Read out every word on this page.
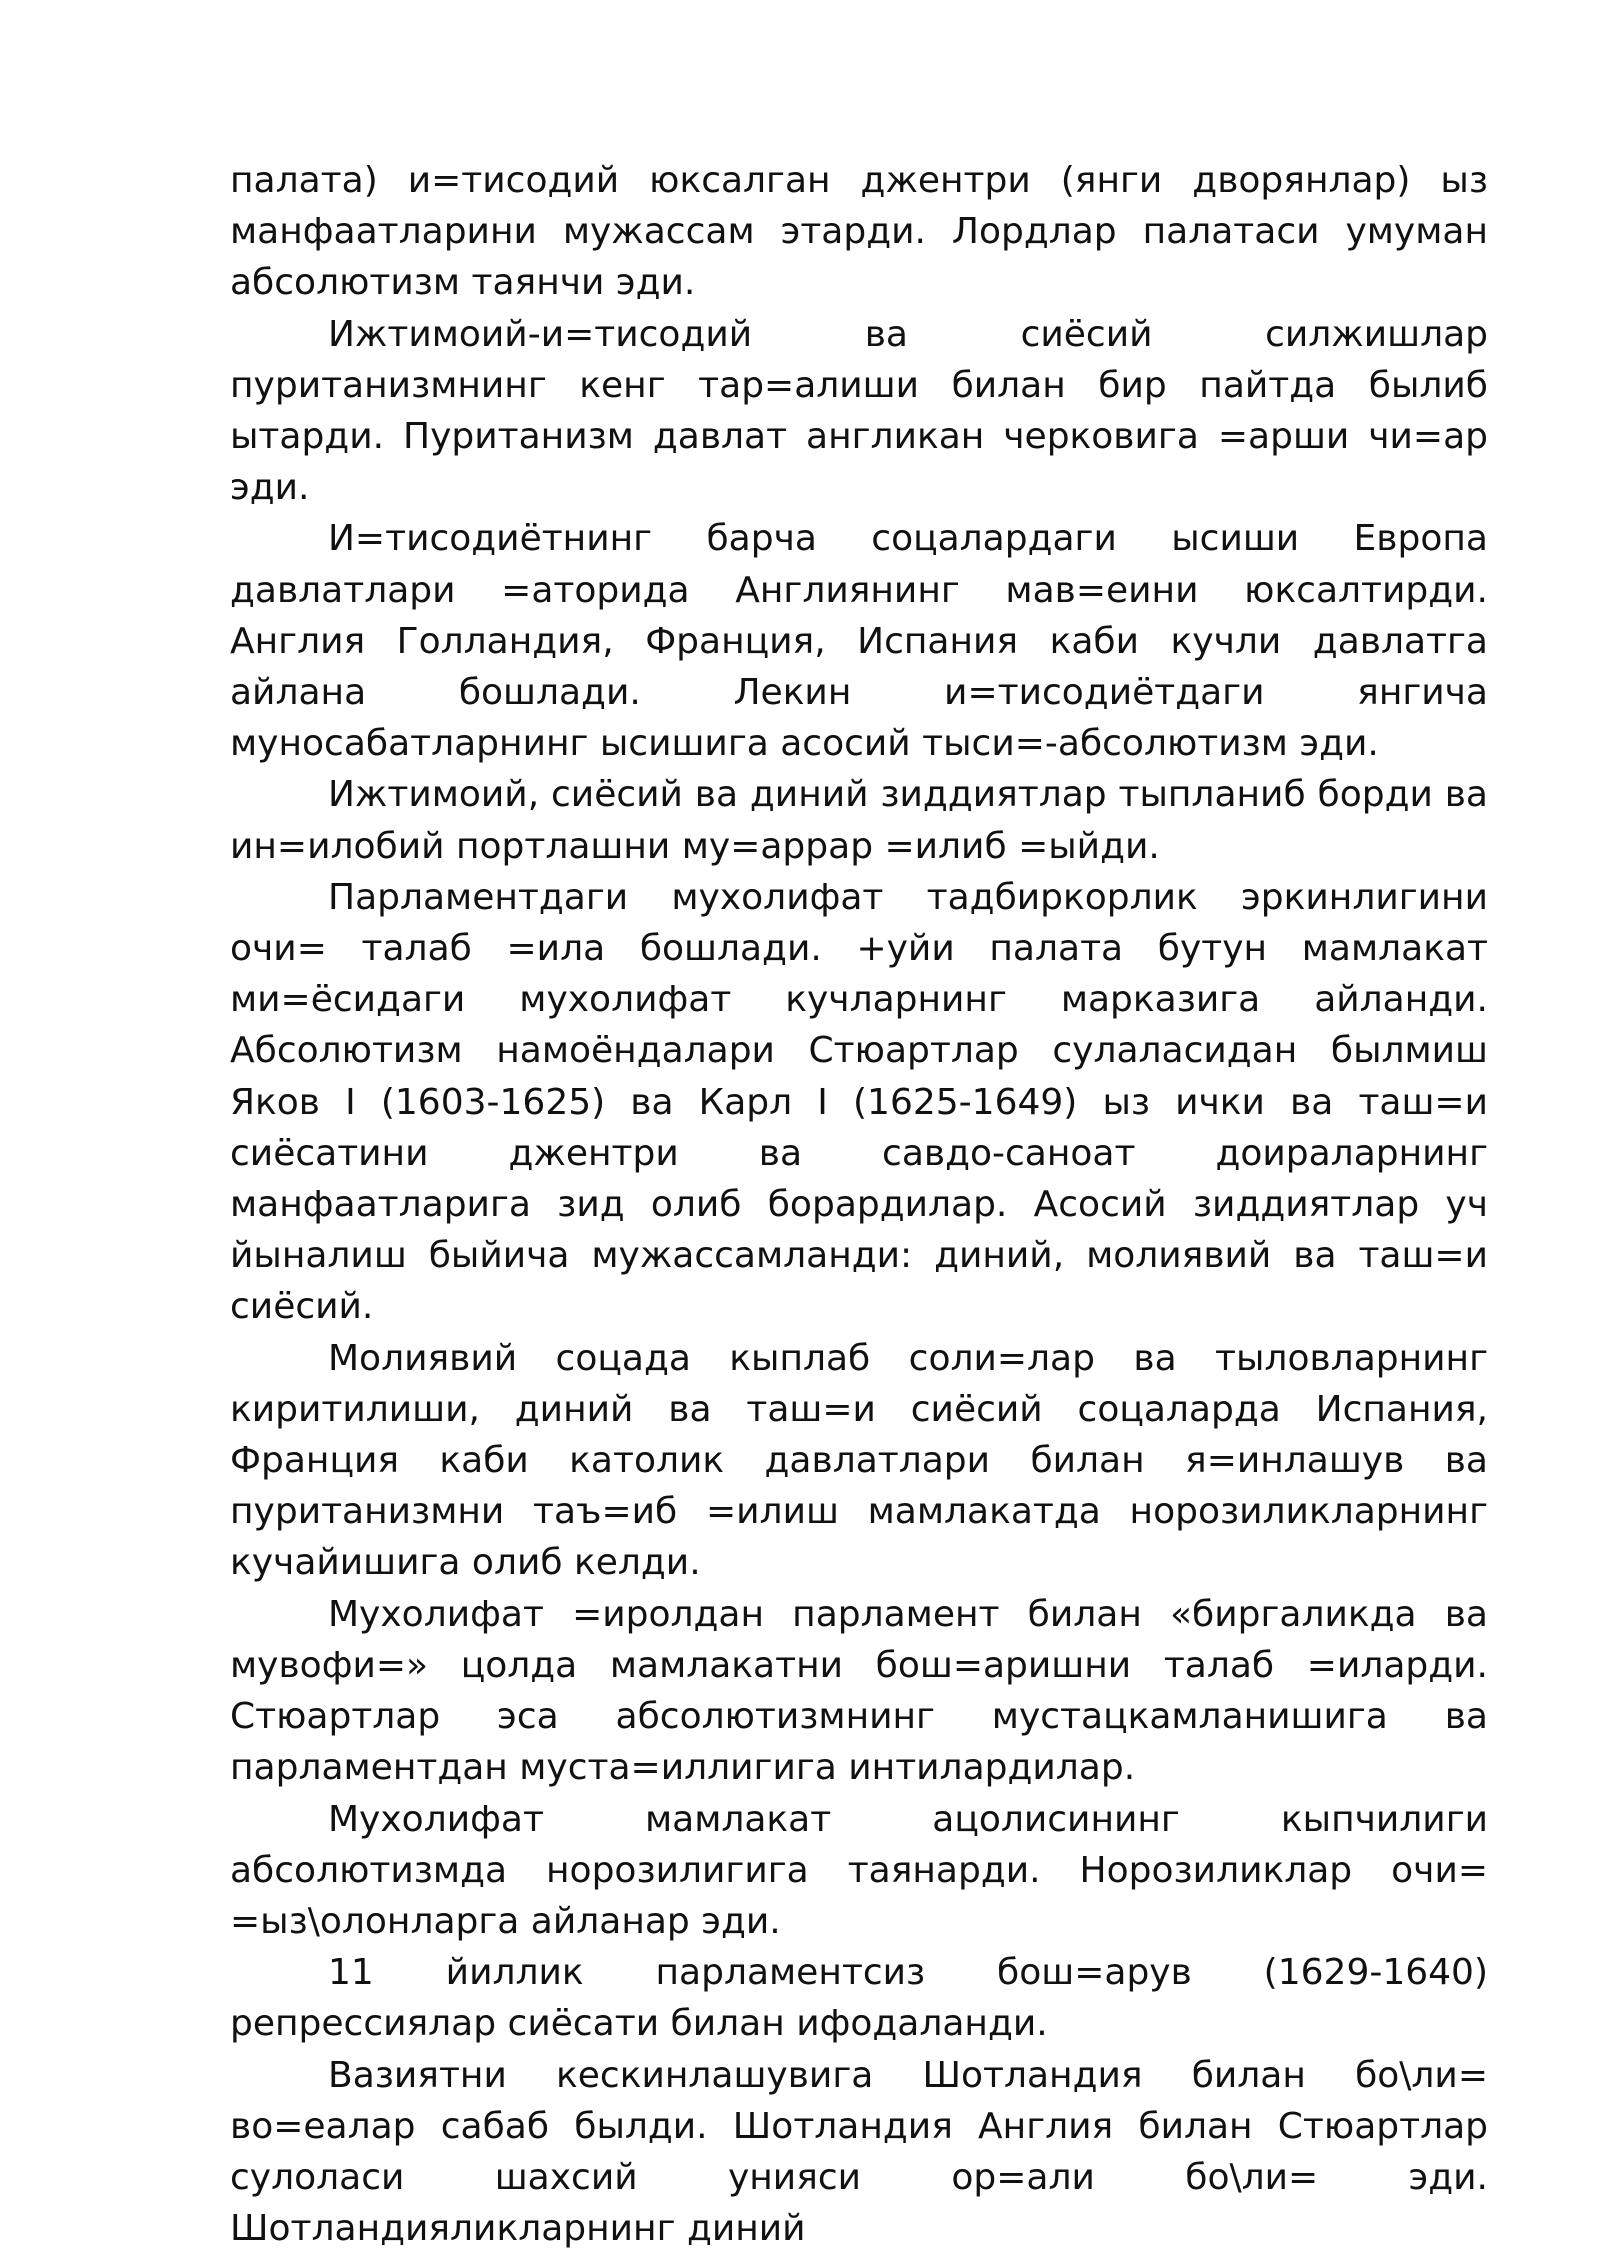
палата) и=тисодий юксалган джентри (янги дворянлар) ыз манфаатларини мужассам этарди. Лордлар палатаси умуман абсолютизм таянчи эди.

Ижтимоий-и=тисодий ва сиёсий силжишлар пуританизмнинг кенг тар=алиши билан бир пайтда былиб ытарди. Пуританизм давлат англикан черковига =арши чи=ар эди.

И=тисодиётнинг барча соцалардаги ысиши Европа давлатлари =аторида Англиянинг мав=еини юксалтирди. Англия Голландия, Франция, Испания каби кучли давлатга айлана бошлади. Лекин и=тисодиётдаги янгича муносабатларнинг ысишига асосий тыси=-абсолютизм эди.

Ижтимоий, сиёсий ва диний зиддиятлар тыпланиб борди ва ин=илобий портлашни му=аррар =илиб =ыйди.

Парламентдаги мухолифат тадбиркорлик эркинлигини очи= талаб =ила бошлади. +уйи палата бутун мамлакат ми=ёсидаги мухолифат кучларнинг марказига айланди. Абсолютизм намоёндалари Стюартлар сулаласидан былмиш Яков I (1603-1625) ва Карл I (1625-1649) ыз ички ва таш=и сиёсатини джентри ва савдо-саноат доираларнинг манфаатларига зид олиб борардилар. Асосий зиддиятлар уч йыналиш быйича мужассамланди: диний, молиявий ва таш=и сиёсий.

Молиявий соцада кыплаб соли=лар ва тыловларнинг киритилиши, диний ва таш=и сиёсий соцаларда Испания, Франция каби католик давлатлари билан я=инлашув ва пуританизмни таъ=иб =илиш мамлакатда норозиликларнинг кучайишига олиб келди.

Мухолифат =иролдан парламент билан «биргаликда ва мувофи=» цолда мамлакатни бош=аришни талаб =иларди. Стюартлар эса абсолютизмнинг мустацкамланишига ва парламентдан муста=иллигига интилардилар.

Мухолифат мамлакат ацолисининг кыпчилиги абсолютизмда норозилигига таянарди. Норозиликлар очи= =ыз\олонларга айланар эди.

11 йиллик парламентсиз бош=арув (1629-1640) репрессиялар сиёсати билан ифодаланди.

Вазиятни кескинлашувига Шотландия билан бо\ли= во=еалар сабаб былди. Шотландия Англия билан Стюартлар сулоласи шахсий унияси ор=али бо\ли= эди. Шотландияликларнинг диний
